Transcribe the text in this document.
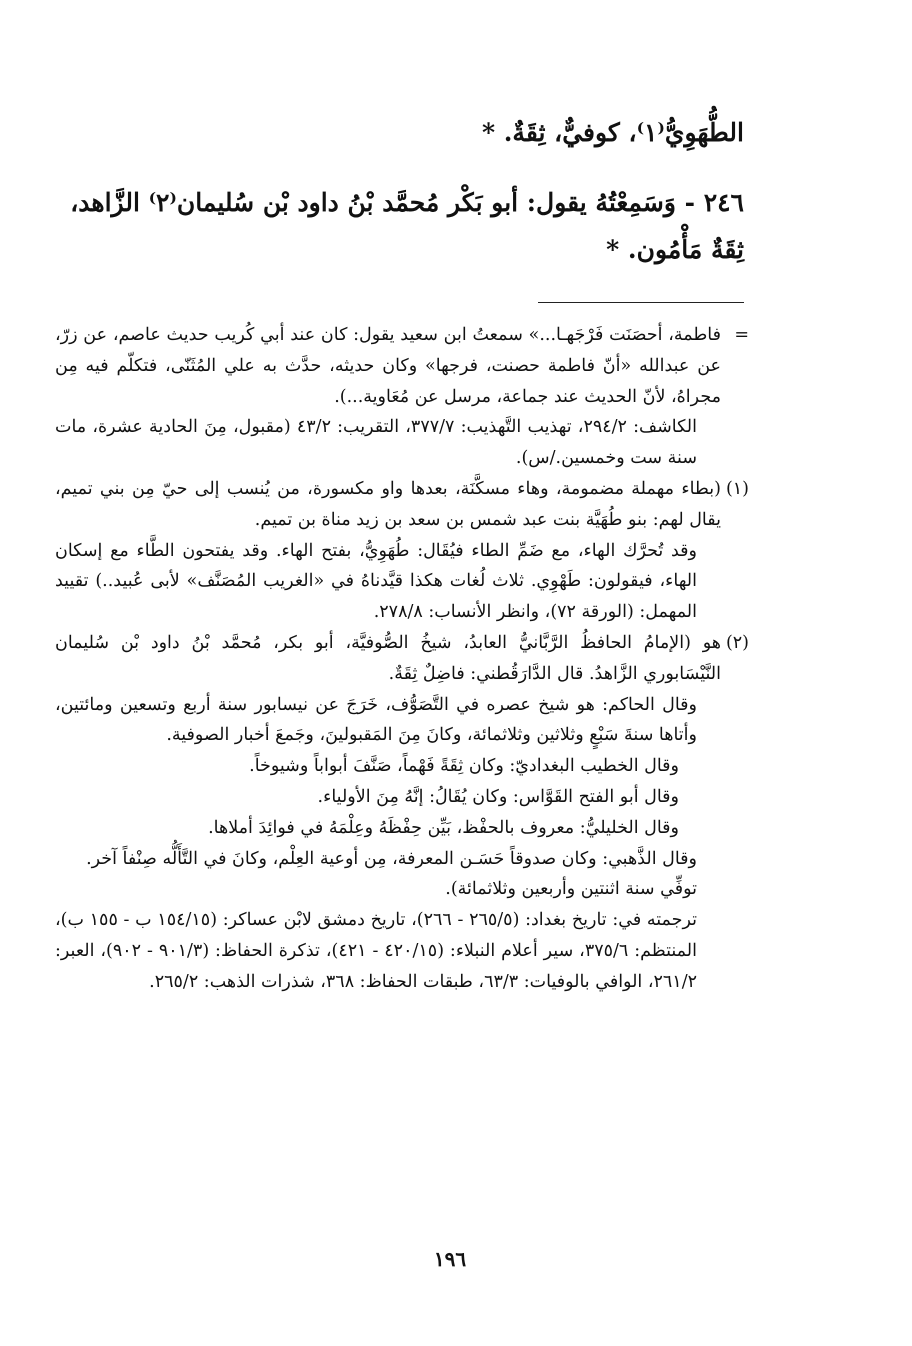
الطُّهَوِيُّ⁽١⁾، كوفيٌّ، ثِقَةٌ. *
٢٤٦ - وَسَمِعْتُهُ يقول: أبو بَكْر مُحمَّد بْنُ داود بْن سُليمان⁽٢⁾ الزَّاهد،
ثِقَةٌ مَأْمُون. *
=

فاطمة، أحصَنَت فَرْجَهـا...» سمعتُ ابن سعيد يقول: كان عند أبي كُريب حديث عاصم، عن زرّ، عن عبدالله «أنّ فاطمة حصنت، فرجها» وكان حديثه، حدَّث به علي المُثَنّى، فتكلّم فيه مِن مجراهُ، لأنّ الحديث عند جماعة، مرسل عن مُعَاوية...).

الكاشف: ٢٩٤/٢، تهذيب التَّهذيب: ٣٧٧/٧، التقريب: ٤٣/٢ (مقبول، مِنَ الحادية عشرة، مات سنة ست وخمسين./س).

(١)

(بطاء مهملة مضمومة، وهاء مسكَّنَة، بعدها واو مكسورة، من يُنسب إلى حيّ مِن بني تميم، يقال لهم: بنو طُهَيَّة بنت عبد شمس بن سعد بن زيد مناة بن تميم.

وقد تُحرَّك الهاء، مع ضَمِّ الطاء فيُقَال: طُهَوِيُّ، بفتح الهاء. وقد يفتحون الطَّاء مع إسكان الهاء، فيقولون: طَهْوِي. ثلاث لُغات هكذا قيَّدناهُ في «الغريب المُصَنَّف» لأبى عُبيد..) تقييد المهمل: (الورقة ٧٢)، وانظر الأنساب: ٢٧٨/٨.

(٢)

هو (الإمامُ الحافظُ الرَّبَّانيُّ العابدُ، شيخُ الصُّوفيَّة، أبو بكر، مُحمَّد بْنُ داود بْن سُليمان النَّيْسَابوري الزَّاهدُ. قال الدَّارَقُطني: فاضِلٌ ثِقَةٌ.

وقال الحاكم: هو شيخ عصره في التَّصَوُّف، خَرَجَ عن نيسابور سنة أربع وتسعين ومائتين، وأتاها سنةَ سَبْعٍ وثلاثين وثلاثمائة، وكانَ مِنَ المَقبولينَ، وجَمعَ أخبار الصوفية.

وقال الخطيب البغداديّ: وكان ثِقَةً فَهْماً، صَنَّفَ أبواباً وشيوخاً.

وقال أبو الفتح القَوَّاس: وكان يُقَالُ: إنَّهُ مِنَ الأولياء.

وقال الخليليُّ: معروف بالحفْظ، بَيِّن حِفْظَهُ وعِلْمَهُ في فوائِدَ أملاها.

وقال الذَّهبي: وكان صدوقاً حَسَـن المعرفة، مِن أوعية العِلْم، وكانَ في التَّأَلُّه صِنْفاً آخر.

توفِّي سنة اثنتين وأربعين وثلاثمائة).

ترجمته في: تاريخ بغداد: (٢٦٥/٥ - ٢٦٦)، تاريخ دمشق لابْن عساكر: (١٥٤/١٥ ب - ١٥٥ ب)، المنتظم: ٣٧٥/٦، سير أعلام النبلاء: (٤٢٠/١٥ - ٤٢١)، تذكرة الحفاظ: (٩٠١/٣ - ٩٠٢)، العبر: ٢٦١/٢، الوافي بالوفيات: ٦٣/٣، طبقات الحفاظ: ٣٦٨، شذرات الذهب: ٢٦٥/٢.

١٩٦
